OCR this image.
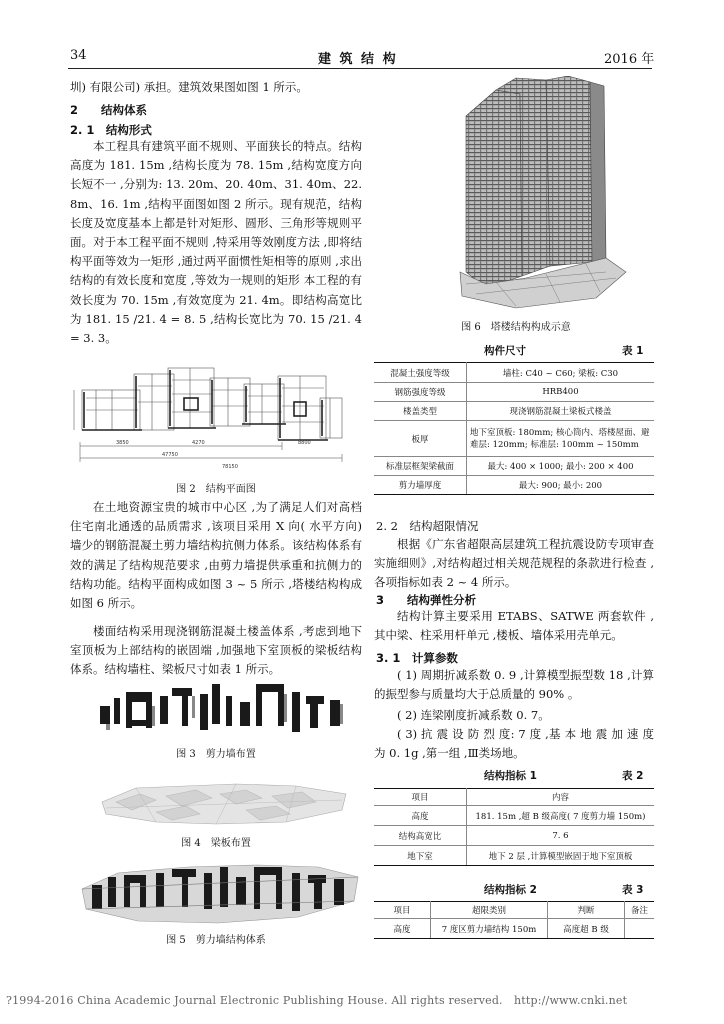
34	建 筑 结 构	2016 年
圳) 有限公司) 承担。建筑效果图如图 1 所示。
2　　结构体系
2. 1　结构形式
本工程具有建筑平面不规则、平面狭长的特点。结构高度为 181. 15m ,结构长度为 78. 15m ,结构宽度方向长短不一 ,分别为: 13. 20m、20. 40m、31. 40m、22. 8m、16. 1m ,结构平面图如图 2 所示。现有规范，结构长度及宽度基本上都是针对矩形、圆形、三角形等规则平面。对于本工程平面不规则 ,特采用等效刚度方法 ,即将结构平面等效为一矩形 ,通过两平面惯性矩相等的原则 ,求出结构的有效长度和宽度 ,等效为一规则的矩形 本工程的有效长度为 70. 15m ,有效宽度为 21. 4m。即结构高宽比为 181. 15 /21. 4 = 8. 5 ,结构长宽比为 70. 15 /21. 4 = 3. 3。
3850	4270	8800
47750
78150
图 2　结构平面图
在土地资源宝贵的城市中心区 ,为了满足人们对高档住宅南北通透的品质需求 ,该项目采用 X 向( 水平方向) 墙少的钢筋混凝土剪力墙结构抗侧力体系。该结构体系有效的满足了结构规范要求 ,由剪力墙提供承重和抗侧力的结构功能。结构平面构成如图 3 ~ 5 所示 ,塔楼结构构成如图 6 所示。
楼面结构采用现浇钢筋混凝土楼盖体系 ,考虑到地下室顶板为上部结构的嵌固端 ,加强地下室顶板的梁板结构体系。结构墙柱、梁板尺寸如表 1 所示。
图 3　剪力墙布置
图 4　梁板布置
图 5　剪力墙结构体系
图 6　塔楼结构构成示意
构件尺寸	表 1
混凝土强度等级	墙柱: C40 ~ C60; 梁板: C30
钢筋强度等级	HRB400
楼盖类型	现浇钢筋混凝土梁板式楼盖
板厚	地下室顶板: 180mm; 核心筒内、塔楼屋面、避难层: 120mm; 标准层: 100mm ~ 150mm
标准层框架梁截面	最大: 400 × 1000; 最小: 200 × 400
剪力墙厚度	最大: 900; 最小: 200
2. 2　结构超限情况
根据《广东省超限高层建筑工程抗震设防专项审查实施细则》,对结构超过相关规范规程的条款进行检查 ,各项指标如表 2 ~ 4 所示。
3　　结构弹性分析
结构计算主要采用 ETABS、SATWE 两套软件 ,其中梁、柱采用杆单元 ,楼板、墙体采用壳单元。
3. 1　计算参数
( 1) 周期折减系数 0. 9 ,计算模型振型数 18 ,计算的振型参与质量均大于总质量的 90% 。
( 2) 连梁刚度折减系数 0. 7。
( 3) 抗 震 设 防 烈 度: 7 度 ,基 本 地 震 加 速 度 为 0. 1g ,第一组 ,Ⅲ类场地。
结构指标 1	表 2
项目	内容
高度	181. 15m ,超 B 级高度( 7 度剪力墙 150m)
结构高宽比	7. 6
地下室	地下 2 层 ,计算模型嵌固于地下室顶板
结构指标 2	表 3
项目	超限类别	判断	备注
高度	7 度区剪力墙结构 150m	高度超 B 级	
?1994-2016 China Academic Journal Electronic Publishing House. All rights reserved.　http://www.cnki.net
